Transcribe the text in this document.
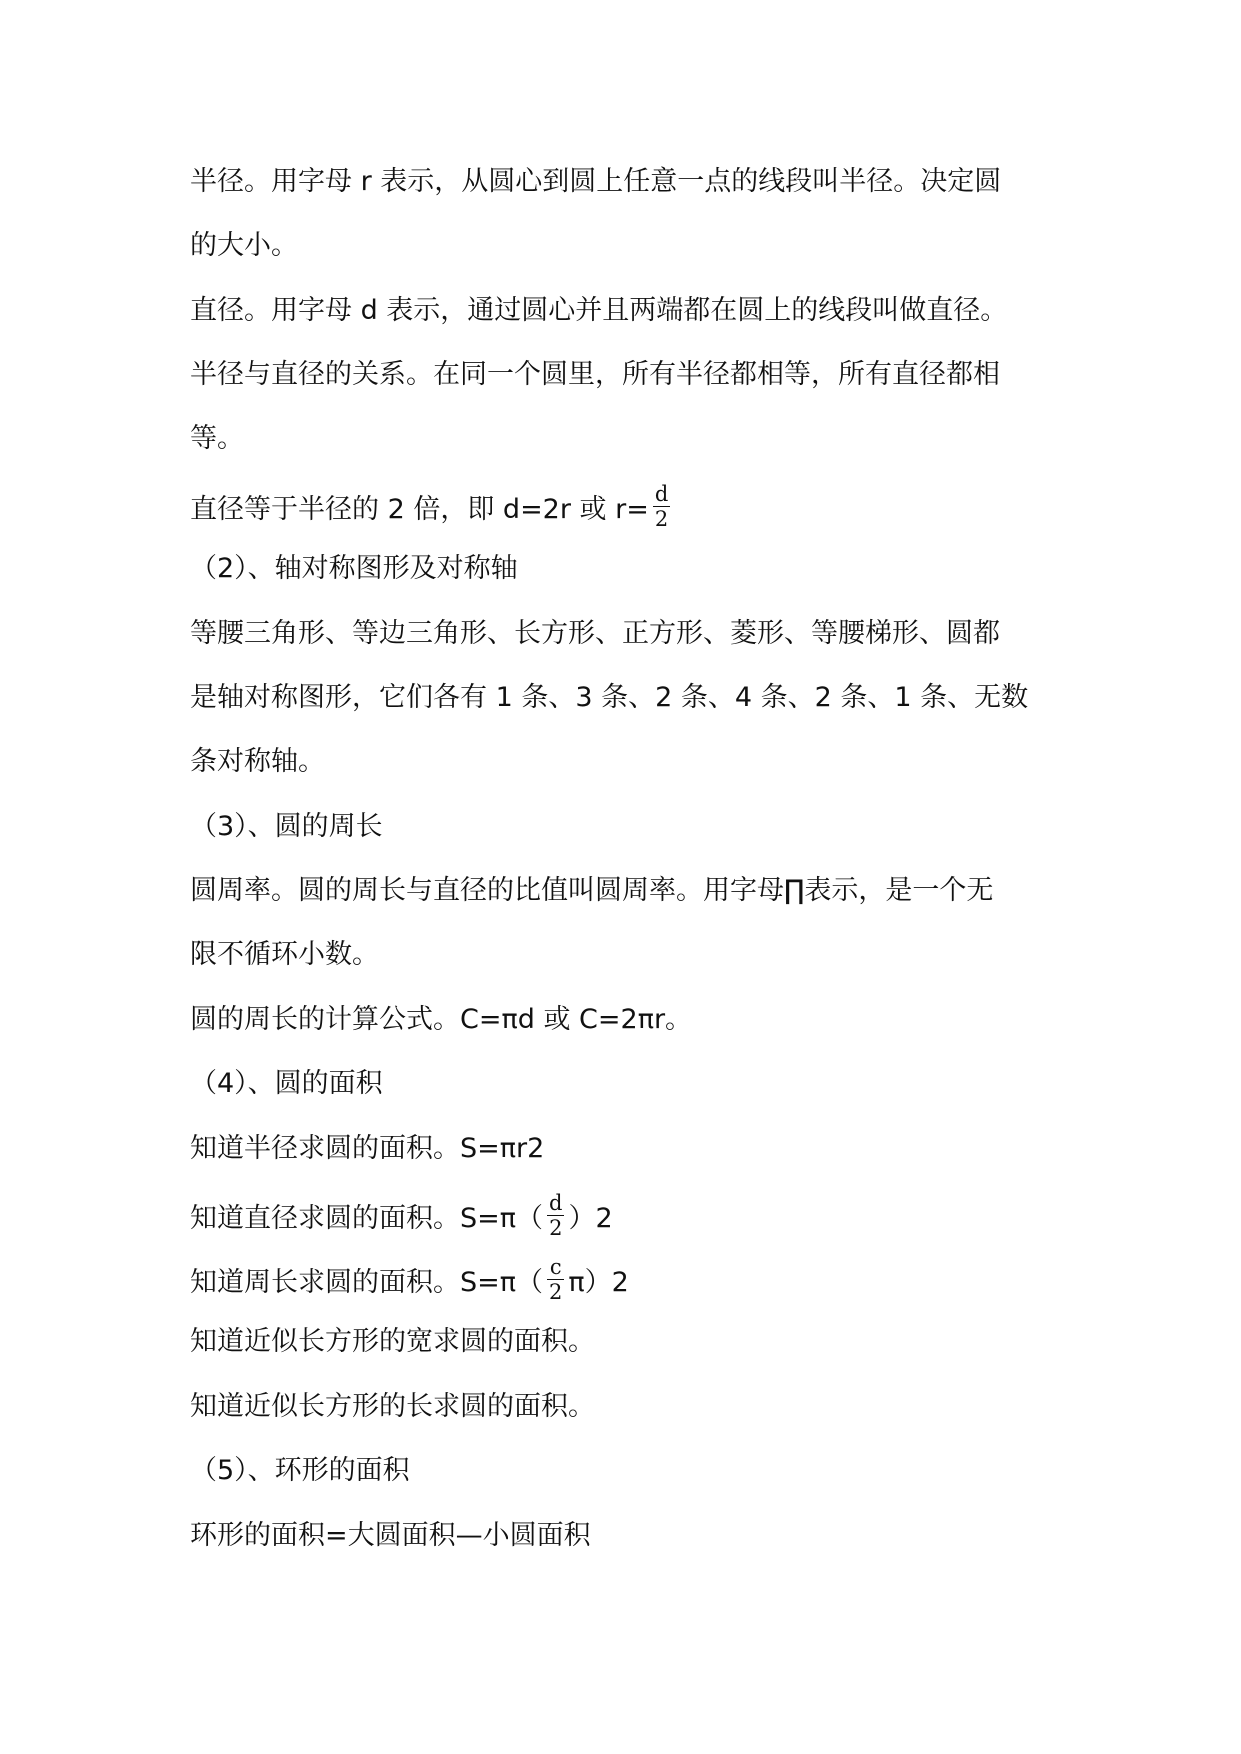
半径。用字母 r 表示，从圆心到圆上任意一点的线段叫半径。决定圆
的大小。
直径。用字母 d 表示，通过圆心并且两端都在圆上的线段叫做直径。
半径与直径的关系。在同一个圆里，所有半径都相等，所有直径都相
等。
直径等于半径的 2 倍，即 d=2r 或 $r= \frac{d}{2}$
（2）、轴对称图形及对称轴
等腰三角形、等边三角形、长方形、正方形、菱形、等腰梯形、圆都
是轴对称图形，它们各有 1 条、3 条、2 条、4 条、2 条、1 条、无数
条对称轴。
（3）、圆的周长
圆周率。圆的周长与直径的比值叫圆周率。用字母∏表示，是一个无
限不循环小数。
圆的周长的计算公式。C=πd 或 C=2πr。
（4）、圆的面积
知道半径求圆的面积。S=πr2
知道直径求圆的面积。$S=\pi( \frac{d}{2} )2$
知道周长求圆的面积。$S=\pi( \frac{c}{2} \pi)2$
知道近似长方形的宽求圆的面积。
知道近似长方形的长求圆的面积。
（5）、环形的面积
环形的面积=大圆面积—小圆面积
